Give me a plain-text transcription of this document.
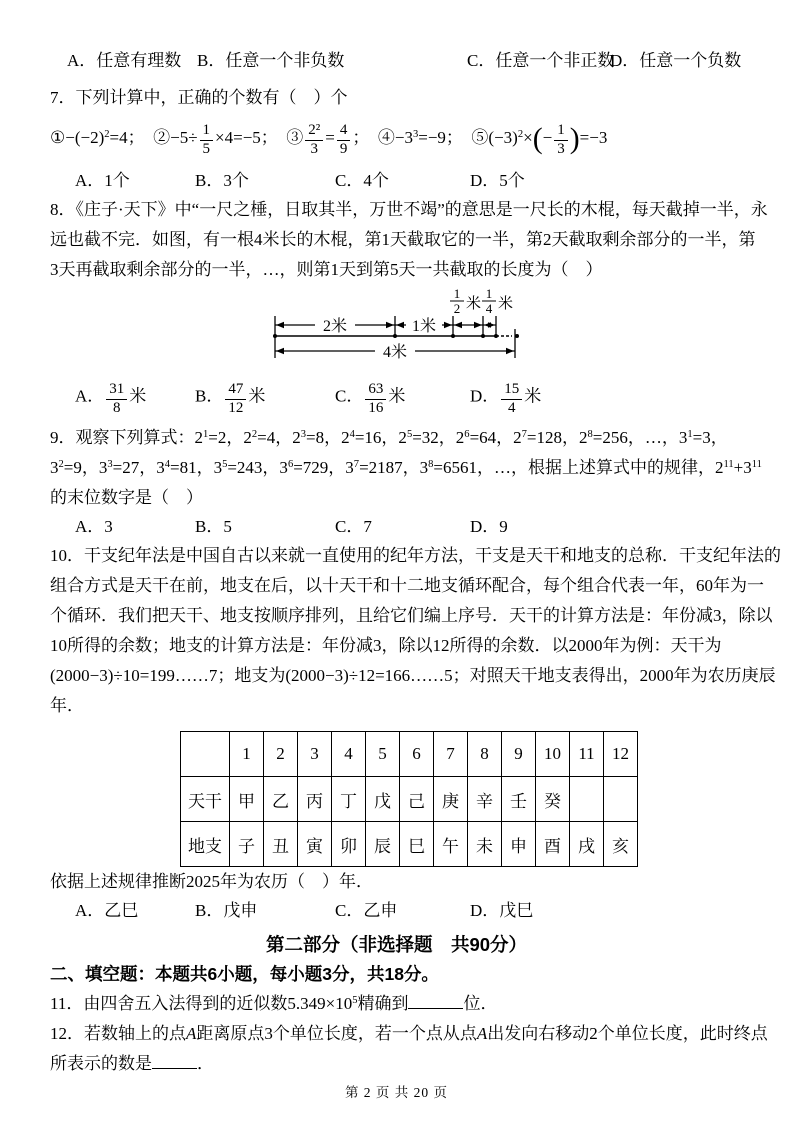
A．任意有理数 B．任意一个非负数	C．任意一个非正数
D．任意一个负数
7．下列计算中，正确的个数有（　）个
$①-(-2)^2=4$；　②−5÷ $\frac{1}{5} \times 4=-5$；　③ $\frac{\text{2²}}{3} = \frac{4}{9}$ ；　$④-3^3=-9$；　$⑤(-3)^2\times(- \frac{1}{3} )=-3$
A．1个	B．3个	C．4个	D．5个
8．《庄子·天下》中“一尺之棰，日取其半，万世不竭”的意思是一尺长的木棍，每天截掉一半，永
远也截不完．如图，有一根4米长的木棍，第1天截取它的一半，第2天截取剩余部分的一半，第
3天再截取剩余部分的一半，…，则第1天到第5天一共截取的长度为（　）
2米	1米
4米
1
2 米
1
4 米
A． $\frac{31}{8}$ 米	B． $\frac{47}{12}$ 米	C． $\frac{63}{16}$ 米	D． $\frac{15}{4}$ 米
9．观察下列算式：$2^1=2$，$2^2=4$，$2^3=8$，$2^4=16$，$2^5=32$，$2^6=64$，$2^7=128$，$2^8=256$，…，$3^1=3$，
$3^2=9$，$3^3=27$，$3^4=81$，$3^5=243$，$3^6=729$，$3^7=2187$，$3^8=6561$，…，根据上述算式中的规律，$2^{11}+3^{11}$
的末位数字是（　）
A．3	B．5	C．7	D．9
10．干支纪年法是中国自古以来就一直使用的纪年方法，干支是天干和地支的总称．干支纪年法的
组合方式是天干在前，地支在后，以十天干和十二地支循环配合，每个组合代表一年，60年为一
个循环．我们把天干、地支按顺序排列，且给它们编上序号．天干的计算方法是：年份减3，除以
10所得的余数；地支的计算方法是：年份减3，除以12所得的余数．以2000年为例：天干为
(2000−3)÷10=199……7；地支为(2000−3)÷12=166……5；对照天干地支表得出，2000年为农历庚辰
年．
	1	2	3	4	5	6	7	8	9	10	11	12
天干	甲	乙	丙	丁	戊	己	庚	辛	壬	癸		
地支	子	丑	寅	卯	辰	巳	午	未	申	酉	戌	亥
依据上述规律推断2025年为农历（　）年．
A．乙巳	B．戊申	C．乙申	D．戊巳
第二部分（非选择题　共90分）
二、填空题：本题共6小题，每小题3分，共18分。
11．由四舍五入法得到的近似数$5.349\times 10^5$精确到	位．
12．若数轴上的点A距离原点3个单位长度，若一个点从点A出发向右移动2个单位长度，此时终点
所表示的数是	．
第 2 页 共 20 页
